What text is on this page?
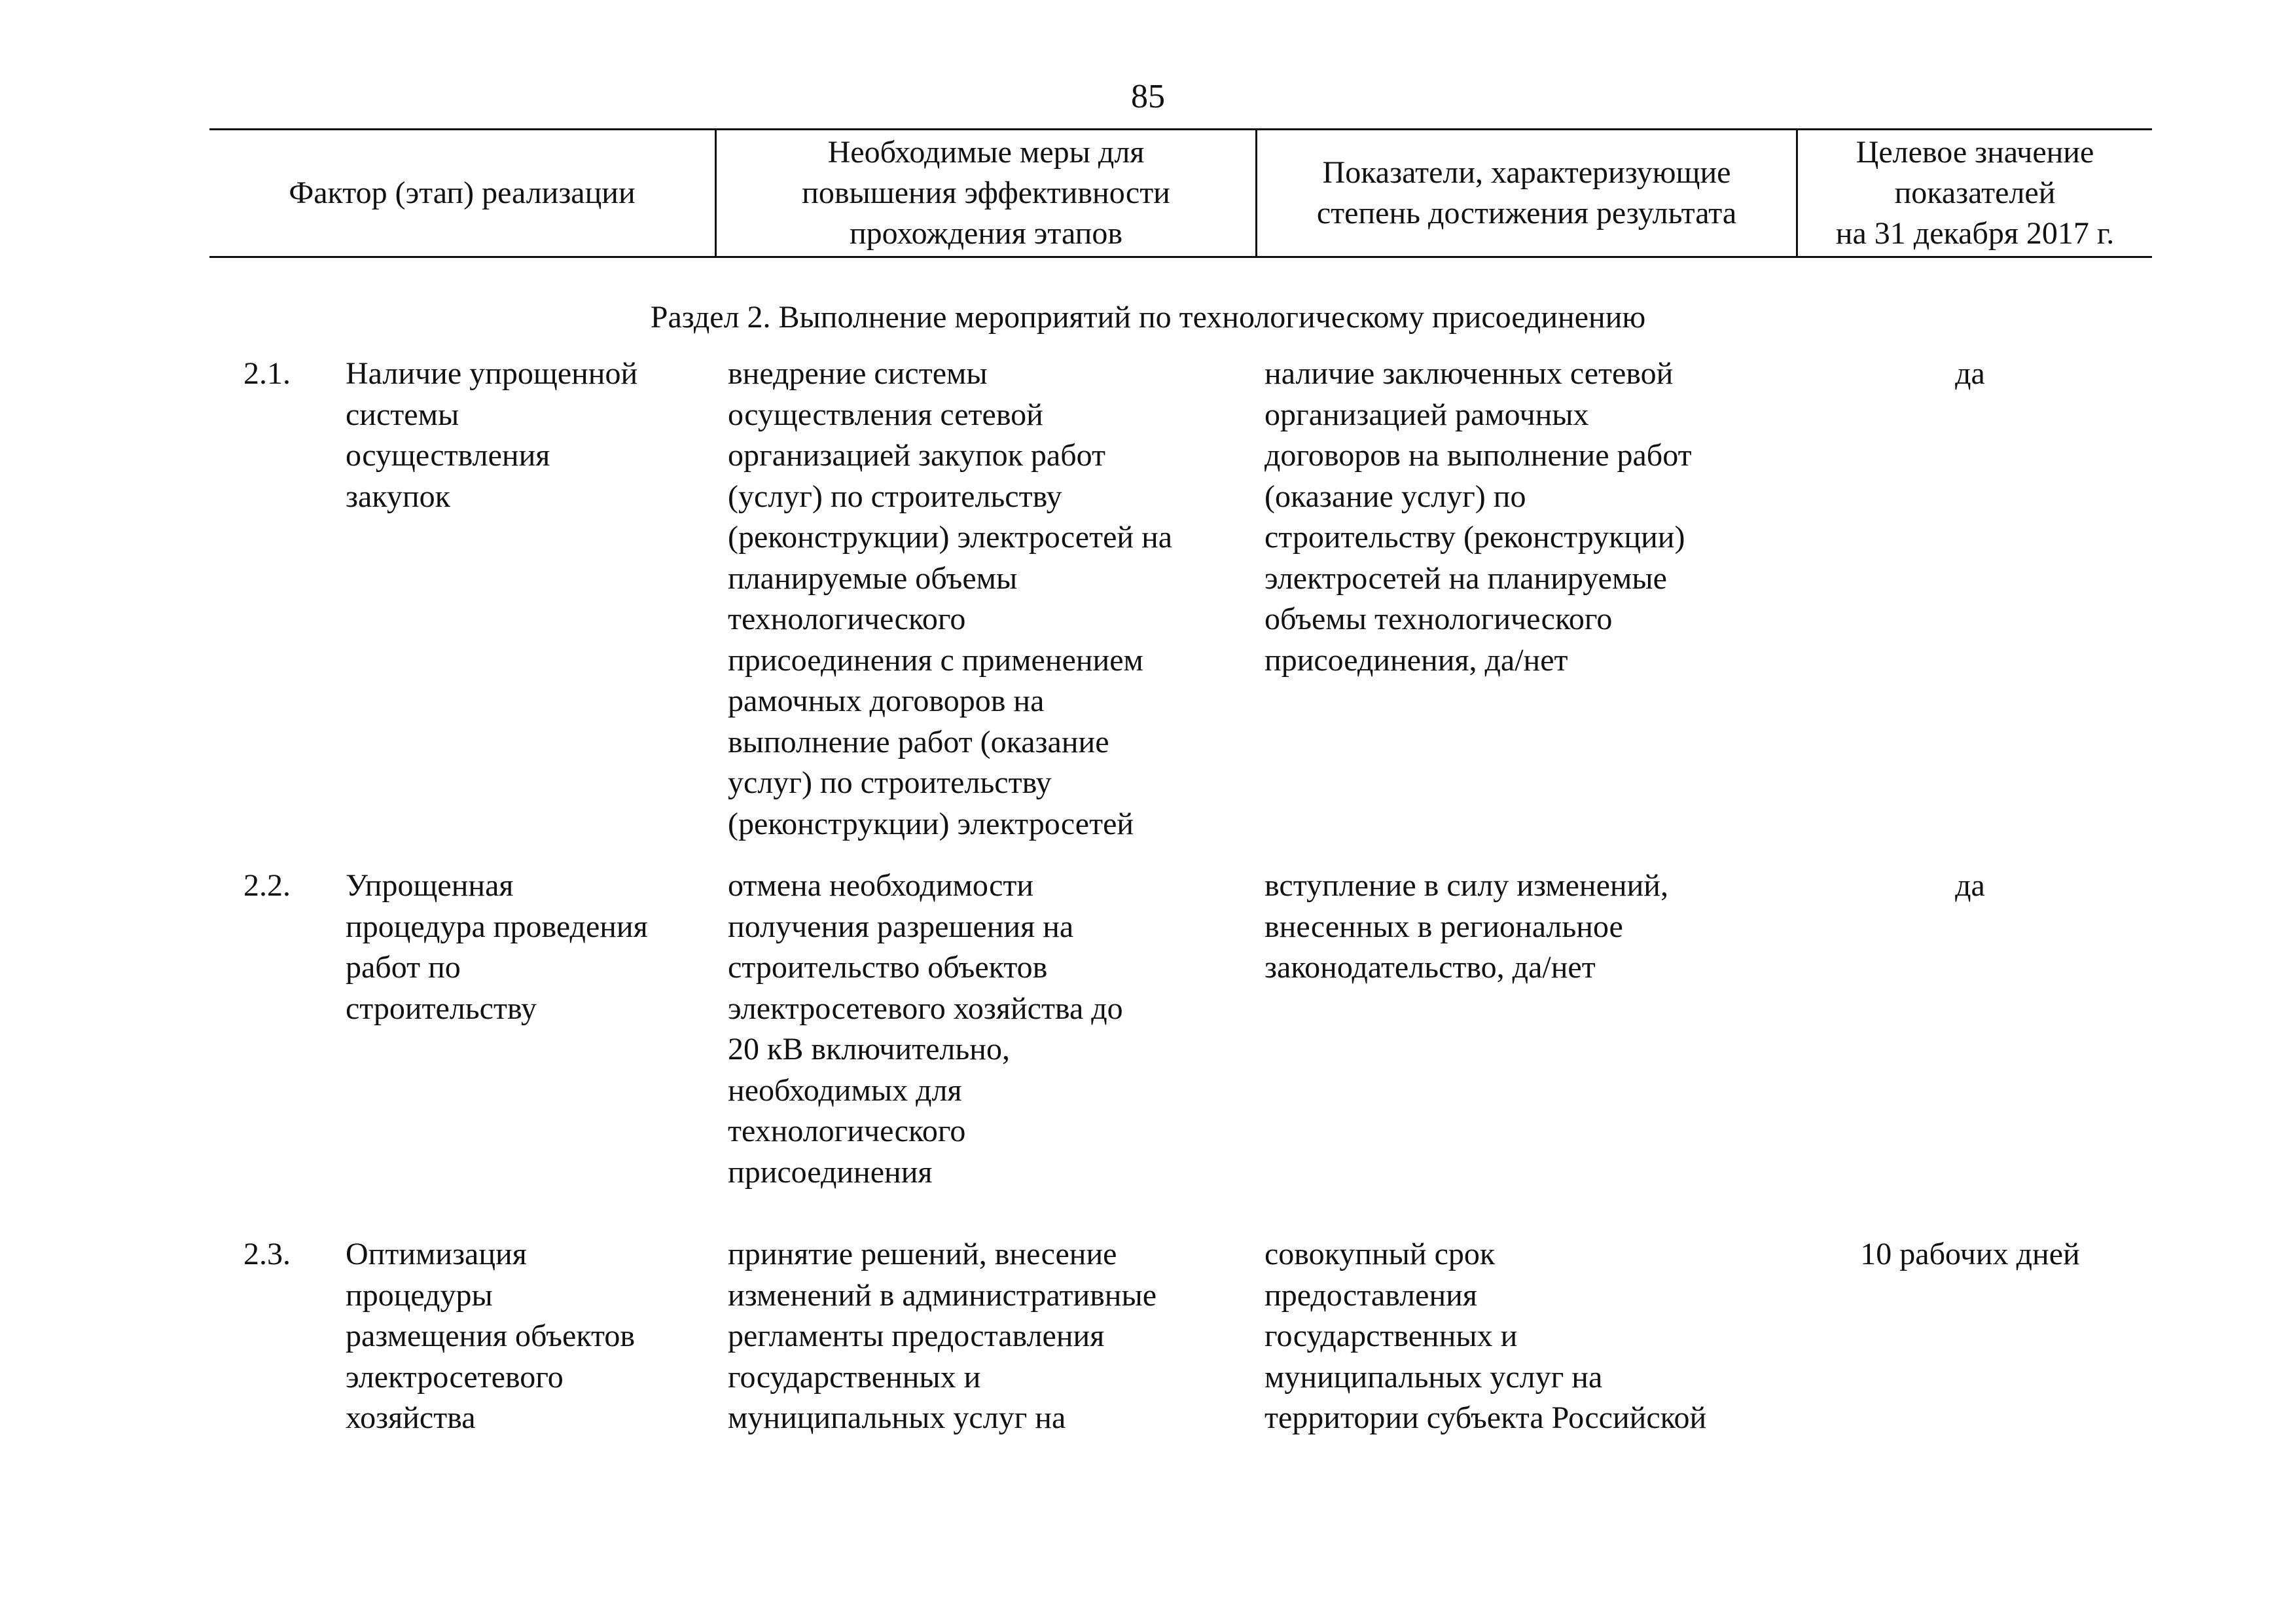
85
Фактор (этап) реализации
Необходимые меры для
повышения эффективности
прохождения этапов
Показатели, характеризующие
степень достижения результата
Целевое значение
показателей
на 31 декабря 2017 г.
Раздел 2. Выполнение мероприятий по технологическому присоединению
2.1. Наличие упрощенной
системы
осуществления
закупок
внедрение системы
осуществления сетевой
организацией закупок работ
(услуг) по строительству
(реконструкции) электросетей на
планируемые объемы
технологического
присоединения с применением
рамочных договоров на
выполнение работ (оказание
услуг) по строительству
(реконструкции) электросетей
наличие заключенных сетевой
организацией рамочных
договоров на выполнение работ
(оказание услуг) по
строительству (реконструкции)
электросетей на планируемые
объемы технологического
присоединения, да/нет
да
2.2. Упрощенная
процедура проведения
работ по
строительству
отмена необходимости
получения разрешения на
строительство объектов
электросетевого хозяйства до
20 кВ включительно,
необходимых для
технологического
присоединения
вступление в силу изменений,
внесенных в региональное
законодательство, да/нет
да
2.3. Оптимизация
процедуры
размещения объектов
электросетевого
хозяйства
принятие решений, внесение
изменений в административные
регламенты предоставления
государственных и
муниципальных услуг на
совокупный срок
предоставления
государственных и
муниципальных услуг на
территории субъекта Российской
10 рабочих дней
